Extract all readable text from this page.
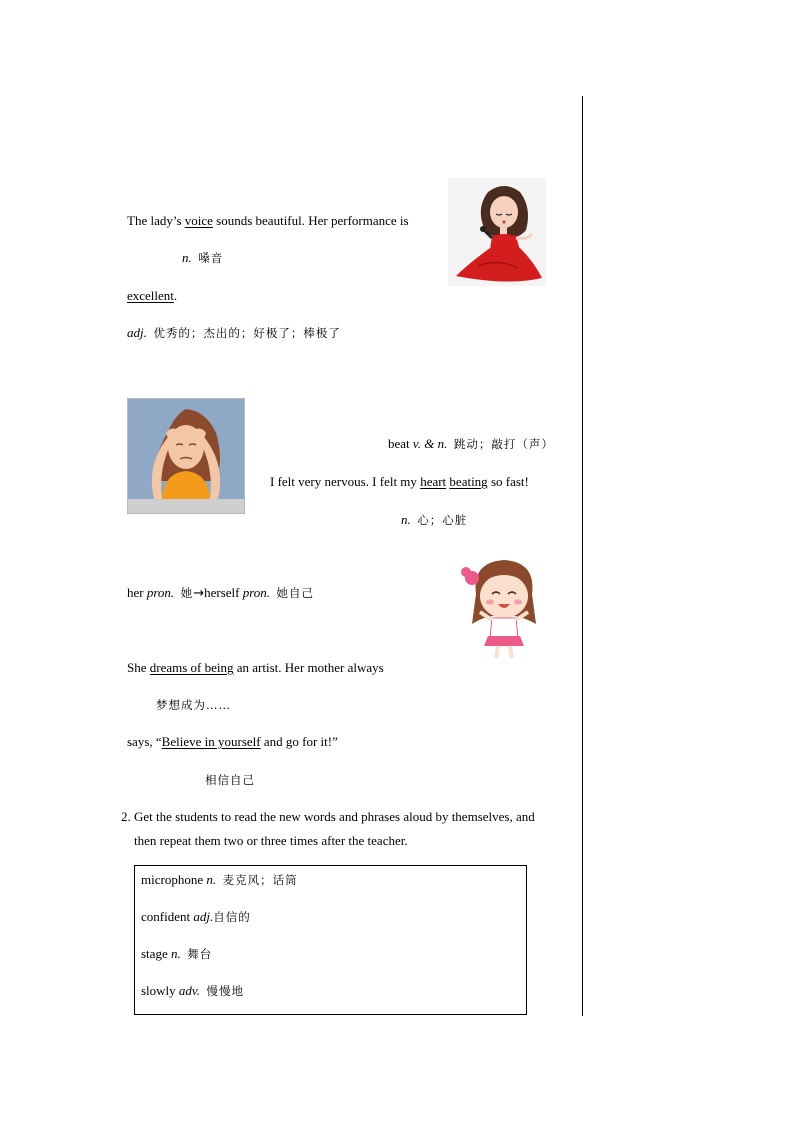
The lady’s voice sounds beautiful. Her performance is
n. 嗓音
excellent.
adj. 优秀的；杰出的；好极了；棒极了
beat v. & n. 跳动；敲打（声）
I felt very nervous. I felt my heart beating so fast!
n. 心；心脏
her pron. 她→herself pron. 她自己
She dreams of being an artist. Her mother always
梦想成为……
says, “Believe in yourself and go for it!”
相信自己
2. Get the students to read the new words and phrases aloud by themselves, and
then repeat them two or three times after the teacher.
microphone n. 麦克风；话筒
confident adj.自信的
stage n. 舞台
slowly adv. 慢慢地
